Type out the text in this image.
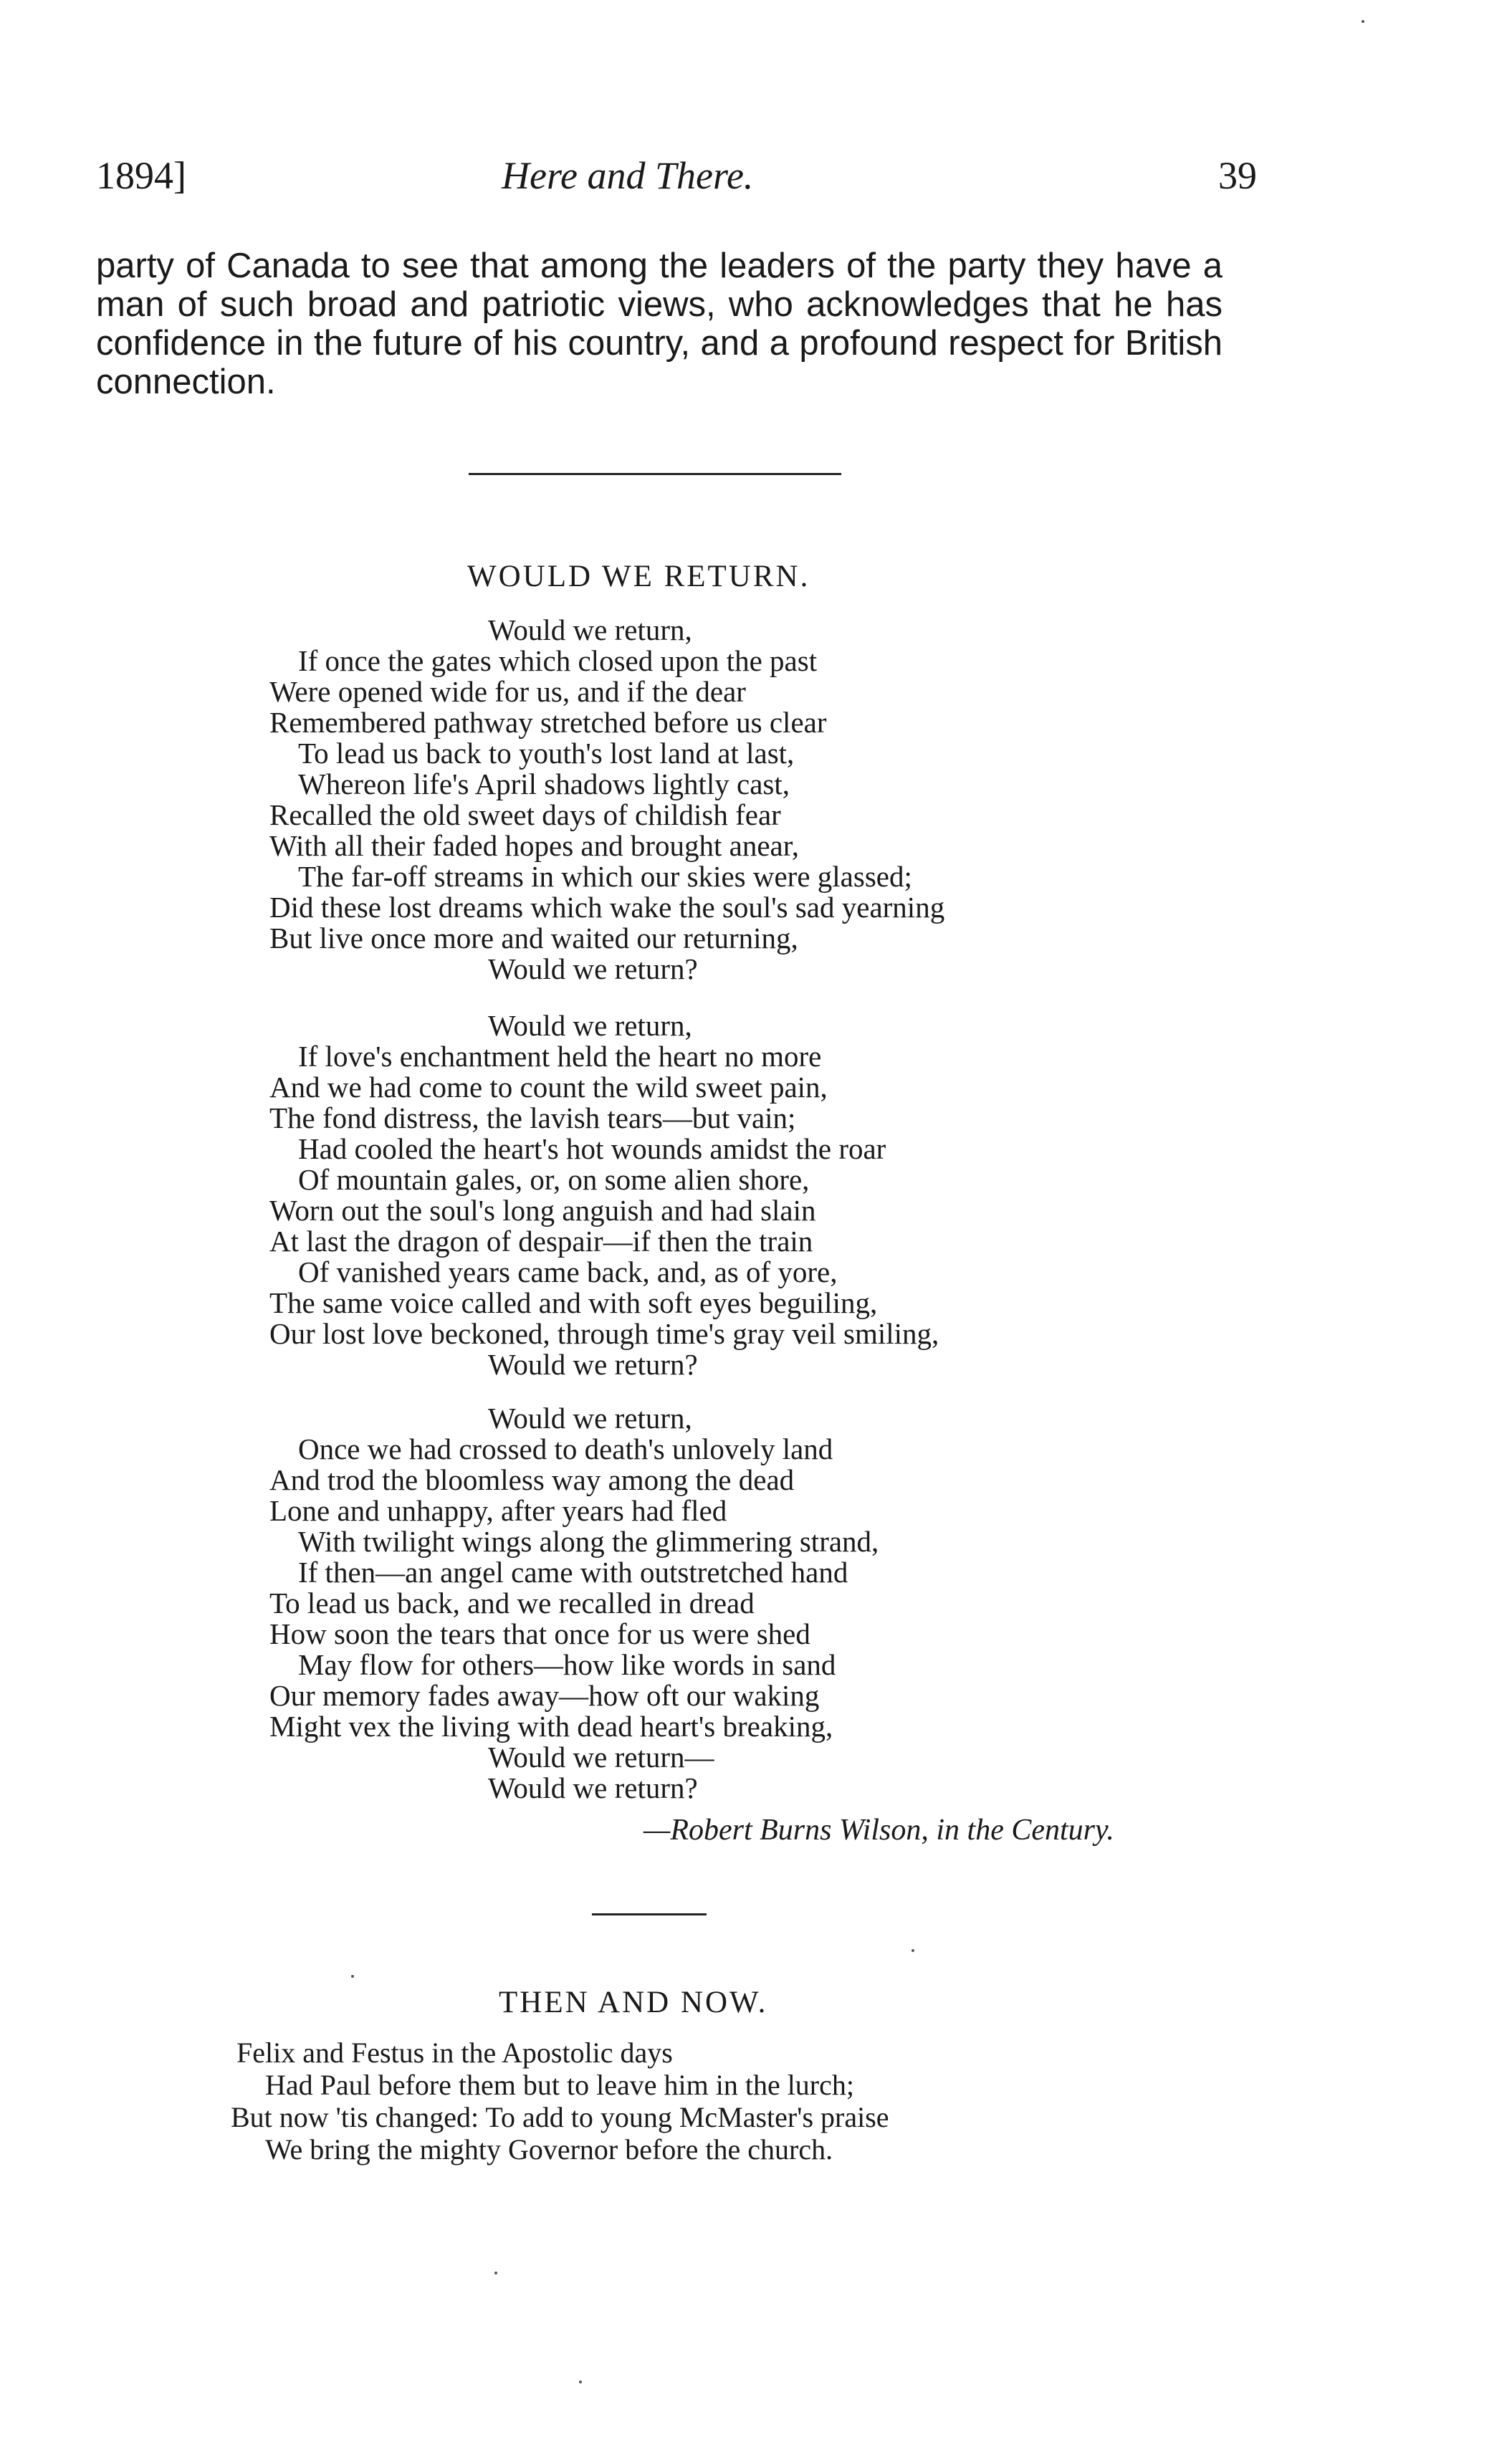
1894]	Here and There.	39

party of Canada to see that among the leaders of the party they have a man of such broad and patriotic views, who acknowledges that he has confidence in the future of his country, and a profound respect for British connection.

WOULD WE RETURN.
Would we return,
If once the gates which closed upon the past
Were opened wide for us, and if the dear
Remembered pathway stretched before us clear
To lead us back to youth's lost land at last,
Whereon life's April shadows lightly cast,
Recalled the old sweet days of childish fear
With all their faded hopes and brought anear,
The far-off streams in which our skies were glassed;
Did these lost dreams which wake the soul's sad yearning
But live once more and waited our returning,
Would we return?
Would we return,
If love's enchantment held the heart no more
And we had come to count the wild sweet pain,
The fond distress, the lavish tears—but vain;
Had cooled the heart's hot wounds amidst the roar
Of mountain gales, or, on some alien shore,
Worn out the soul's long anguish and had slain
At last the dragon of despair—if then the train
Of vanished years came back, and, as of yore,
The same voice called and with soft eyes beguiling,
Our lost love beckoned, through time's gray veil smiling,
Would we return?
Would we return,
Once we had crossed to death's unlovely land
And trod the bloomless way among the dead
Lone and unhappy, after years had fled
With twilight wings along the glimmering strand,
If then—an angel came with outstretched hand
To lead us back, and we recalled in dread
How soon the tears that once for us were shed
May flow for others—how like words in sand
Our memory fades away—how oft our waking
Might vex the living with dead heart's breaking,
Would we return—
Would we return?
—Robert Burns Wilson, in the Century.
THEN AND NOW.
Felix and Festus in the Apostolic days
Had Paul before them but to leave him in the lurch;
But now 'tis changed: To add to young McMaster's praise
We bring the mighty Governor before the church.
